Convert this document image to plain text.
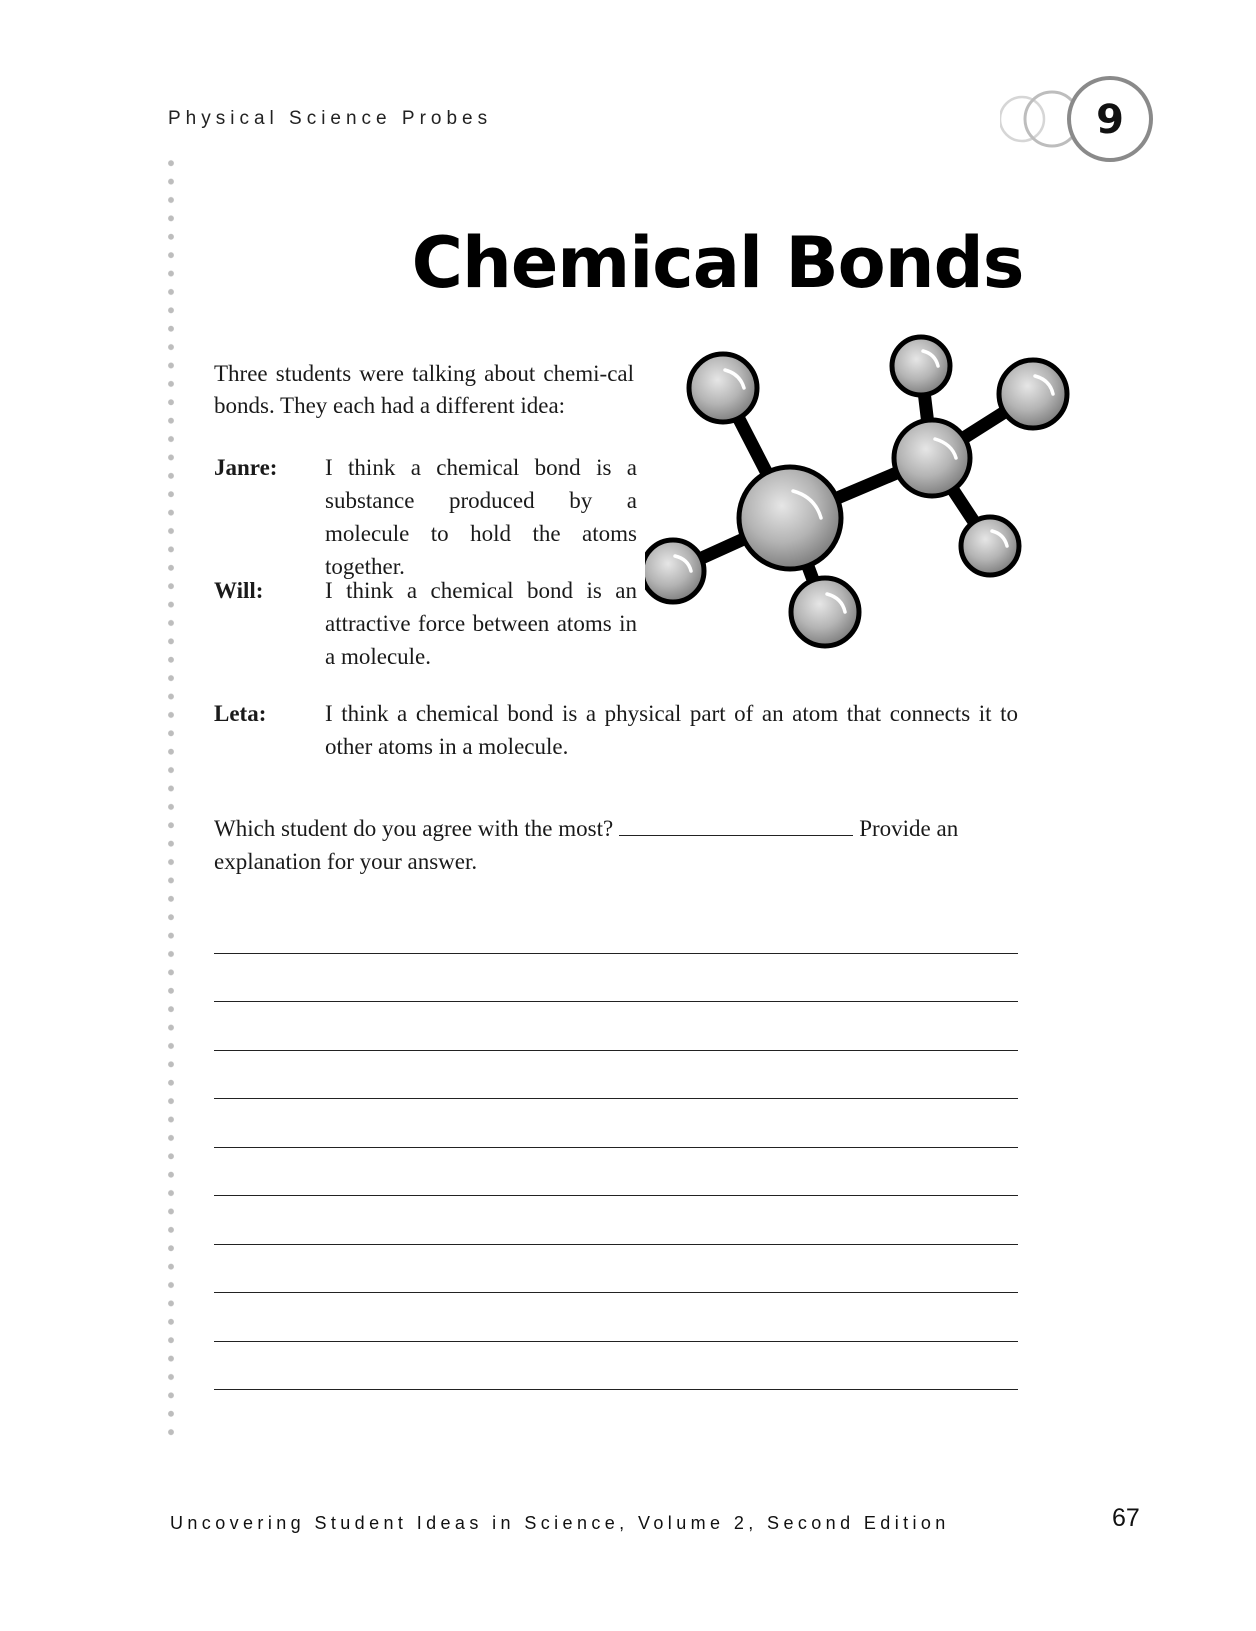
Physical Science Probes	9
Chemical Bonds
Three students were talking about chemi-cal bonds. They each had a different idea:
Janre: I think a chemical bond is a substance produced by a molecule to hold the atoms together.
Will:	I think a chemical bond is an attractive force between atoms in a molecule.
Leta:	I think a chemical bond is a physical part of an atom that connects it to other atoms in a molecule.
Which student do you agree with the most?	Provide an explanation for your answer.
Uncovering Student Ideas in Science, Volume 2, Second Edition	67
